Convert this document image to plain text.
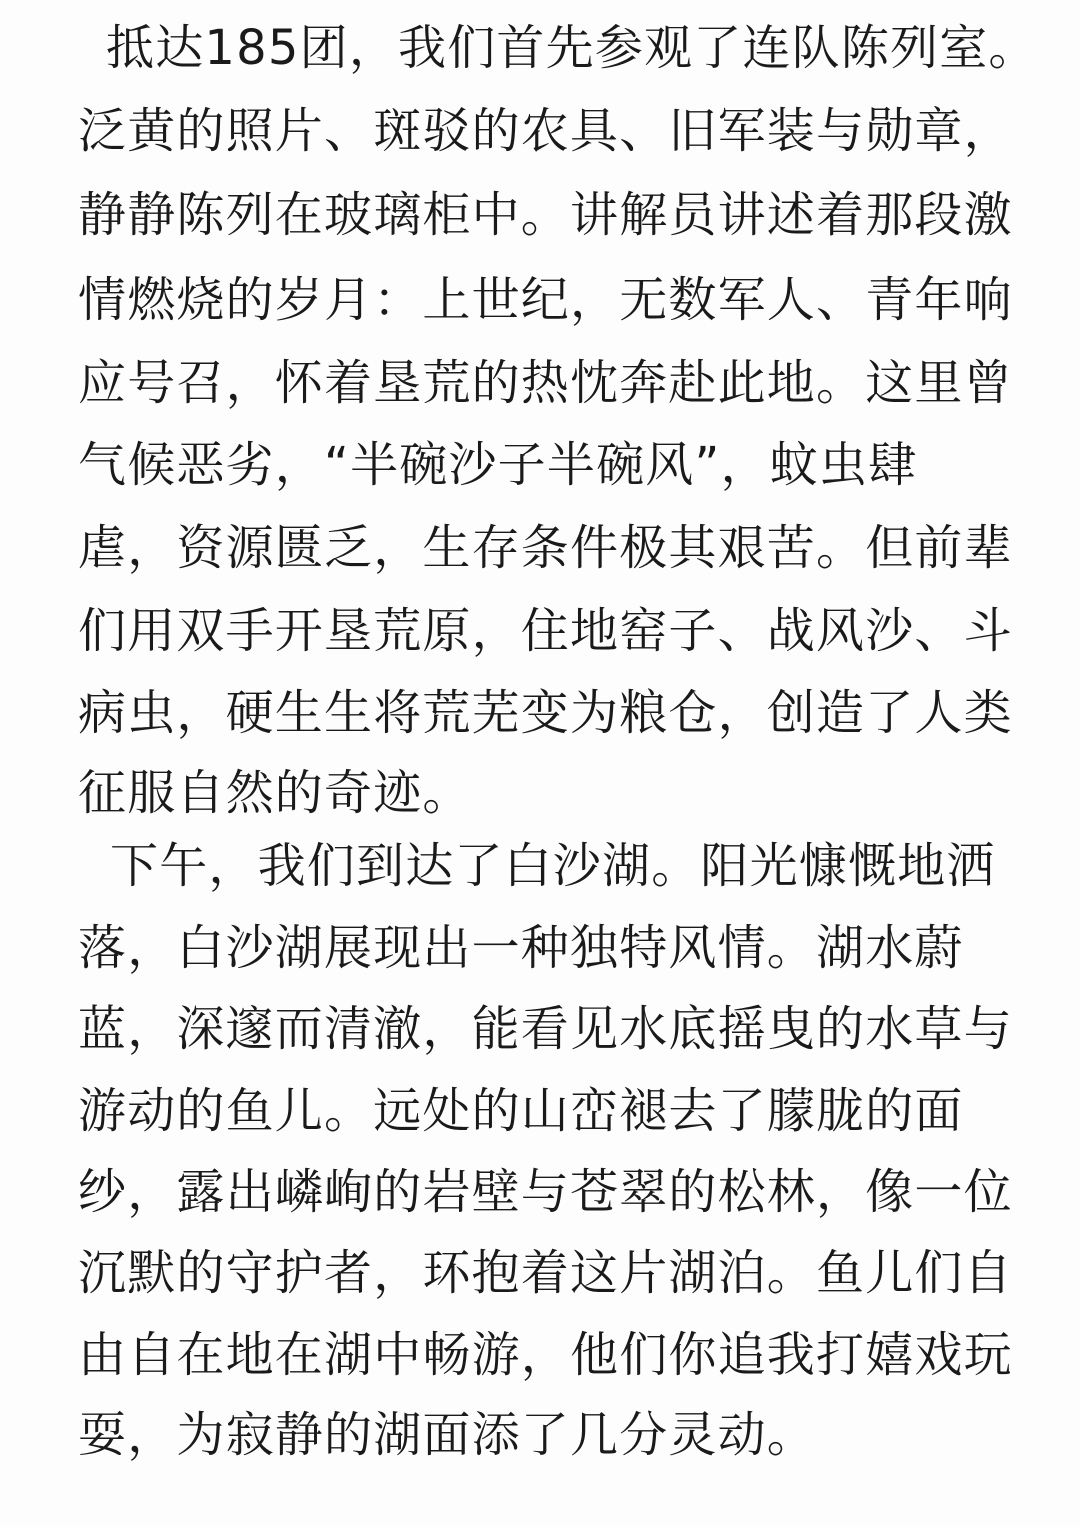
抵达185团，我们首先参观了连队陈列室。
泛黄的照片、斑驳的农具、旧军装与勋章，
静静陈列在玻璃柜中。讲解员讲述着那段激
情燃烧的岁月：上世纪，无数军人、青年响
应号召，怀着垦荒的热忱奔赴此地。这里曾
气候恶劣，“半碗沙子半碗风”，蚊虫肆
虐，资源匮乏，生存条件极其艰苦。但前辈
们用双手开垦荒原，住地窑子、战风沙、斗
病虫，硬生生将荒芜变为粮仓，创造了人类
征服自然的奇迹。
下午，我们到达了白沙湖。阳光慷慨地洒
落，白沙湖展现出一种独特风情。湖水蔚
蓝，深邃而清澈，能看见水底摇曳的水草与
游动的鱼儿。远处的山峦褪去了朦胧的面
纱，露出嶙峋的岩壁与苍翠的松林，像一位
沉默的守护者，环抱着这片湖泊。鱼儿们自
由自在地在湖中畅游，他们你追我打嬉戏玩
耍，为寂静的湖面添了几分灵动。
